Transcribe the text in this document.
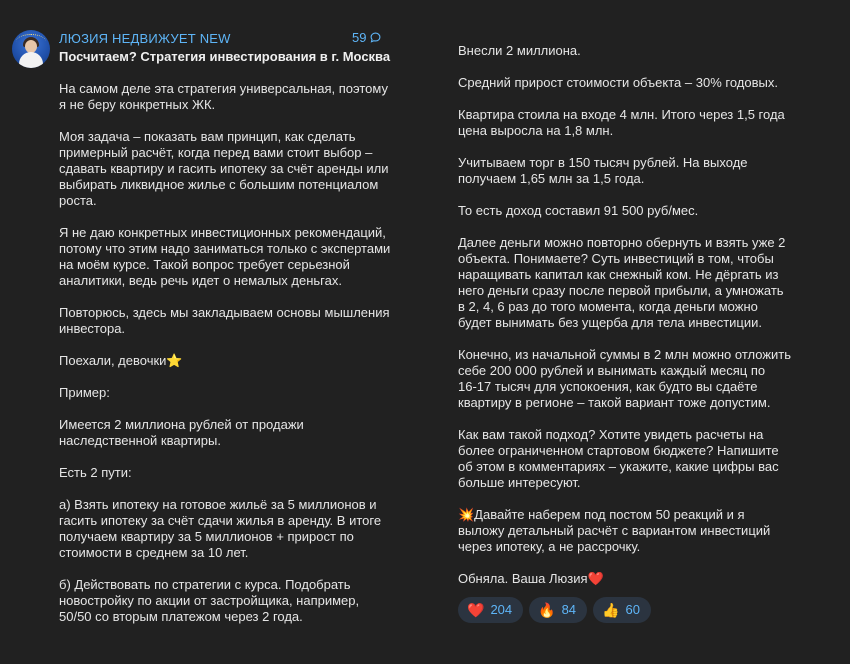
ЛЮЗИЯ НЕДВИЖУЕТ NEW	59
Посчитаем? Стратегия инвестирования в г. Москва

На самом деле эта стратегия универсальная, поэтому
я не беру конкретных ЖК.

Моя задача – показать вам принцип, как сделать
примерный расчёт, когда перед вами стоит выбор –
сдавать квартиру и гасить ипотеку за счёт аренды или
выбирать ликвидное жилье с большим потенциалом
роста.

Я не даю конкретных инвестиционных рекомендаций,
потому что этим надо заниматься только с экспертами
на моём курсе. Такой вопрос требует серьезной
аналитики, ведь речь идет о немалых деньгах.

Повторюсь, здесь мы закладываем основы мышления
инвестора.

Поехали, девочки⭐

Пример:

Имеется 2 миллиона рублей от продажи
наследственной квартиры.

Есть 2 пути:

а) Взять ипотеку на готовое жильё за 5 миллионов и
гасить ипотеку за счёт сдачи жилья в аренду. В итоге
получаем квартиру за 5 миллионов + прирост по
стоимости в среднем за 10 лет.

б) Действовать по стратегии с курса. Подобрать
новостройку по акции от застройщика, например,
50/50 со вторым платежом через 2 года.

Внесли 2 миллиона.

Средний прирост стоимости объекта – 30% годовых.

Квартира стоила на входе 4 млн. Итого через 1,5 года
цена выросла на 1,8 млн.

Учитываем торг в 150 тысяч рублей. На выходе
получаем 1,65 млн за 1,5 года.

То есть доход составил 91 500 руб/мес.

Далее деньги можно повторно обернуть и взять уже 2
объекта. Понимаете? Суть инвестиций в том, чтобы
наращивать капитал как снежный ком. Не дёргать из
него деньги сразу после первой прибыли, а умножать
в 2, 4, 6 раз до того момента, когда деньги можно
будет вынимать без ущерба для тела инвестиции.

Конечно, из начальной суммы в 2 млн можно отложить
себе 200 000 рублей и вынимать каждый месяц по
16-17 тысяч для успокоения, как будто вы сдаёте
квартиру в регионе – такой вариант тоже допустим.

Как вам такой подход? Хотите увидеть расчеты на
более ограниченном стартовом бюджете? Напишите
об этом в комментариях – укажите, какие цифры вас
больше интересуют.

💥Давайте наберем под постом 50 реакций и я
выложу детальный расчёт с вариантом инвестиций
через ипотеку, а не рассрочку.

Обняла. Ваша Люзия❤️

❤️ 204 🔥 84 👍 60
